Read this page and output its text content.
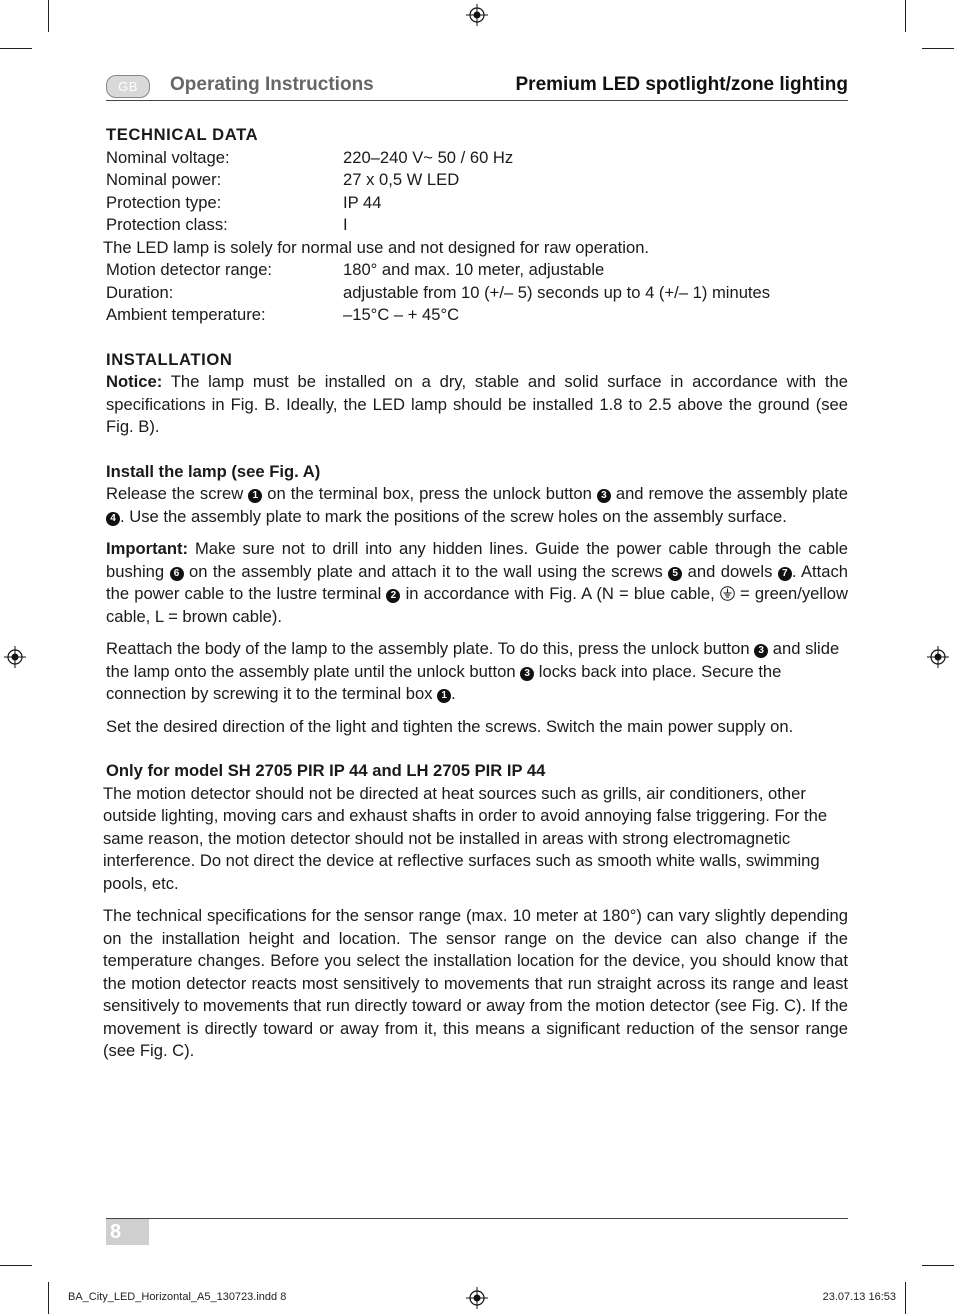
GB	Operating Instructions	Premium LED spotlight/zone lighting

TECHNICAL DATA

Nominal voltage:	220–240 V~ 50 / 60 Hz
Nominal power:	27 x 0,5 W LED
Protection type:	IP 44
Protection class:	I

The LED lamp is solely for normal use and not designed for raw operation.

Motion detector range:	180° and max. 10 meter, adjustable
Duration:	adjustable from 10 (+/– 5) seconds up to 4 (+/– 1) minutes
Ambient temperature:	–15°C – + 45°C

INSTALLATION

Notice: The lamp must be installed on a dry, stable and solid surface in accordance with the specifications in Fig. B. Ideally, the LED lamp should be installed 1.8 to 2.5 above the ground (see Fig. B).

Install the lamp (see Fig. A)

Release the screw 1 on the terminal box, press the unlock button 3 and remove the assembly plate 4 . Use the assembly plate to mark the positions of the screw holes on the assembly surface.

Important: Make sure not to drill into any hidden lines. Guide the power cable through the cable bushing 6 on the assembly plate and attach it to the wall using the screws 5 and dowels 7 . Attach the power cable to the lustre terminal 2 in accordance with Fig. A (N = blue cable,  = green/yellow cable, L = brown cable).

Reattach the body of the lamp to the assembly plate. To do this, press the unlock button 3 and slide the lamp onto the assembly plate until the unlock button 3 locks back into place. Secure the connection by screwing it to the terminal box 1 .

Set the desired direction of the light and tighten the screws. Switch the main power supply on.

Only for model SH 2705 PIR IP 44 and LH 2705 PIR IP 44

The motion detector should not be directed at heat sources such as grills, air conditioners, other outside lighting, moving cars and exhaust shafts in order to avoid annoying false triggering. For the same reason, the motion detector should not be installed in areas with strong electromagnetic interference. Do not direct the device at reflective surfaces such as smooth white walls, swimming pools, etc.

The technical specifications for the sensor range (max. 10 meter at 180°) can vary slightly depending on the installation height and location. The sensor range on the device can also change if the temperature changes. Before you select the installation location for the device, you should know that the motion detector reacts most sensitively to movements that run straight across its range and least sensitively to movements that run directly toward or away from the motion detector (see Fig. C). If the movement is directly toward or away from it, this means a significant reduction of the sensor range (see Fig. C).

8
BA_City_LED_Horizontal_A5_130723.indd 8	23.07.13 16:53
